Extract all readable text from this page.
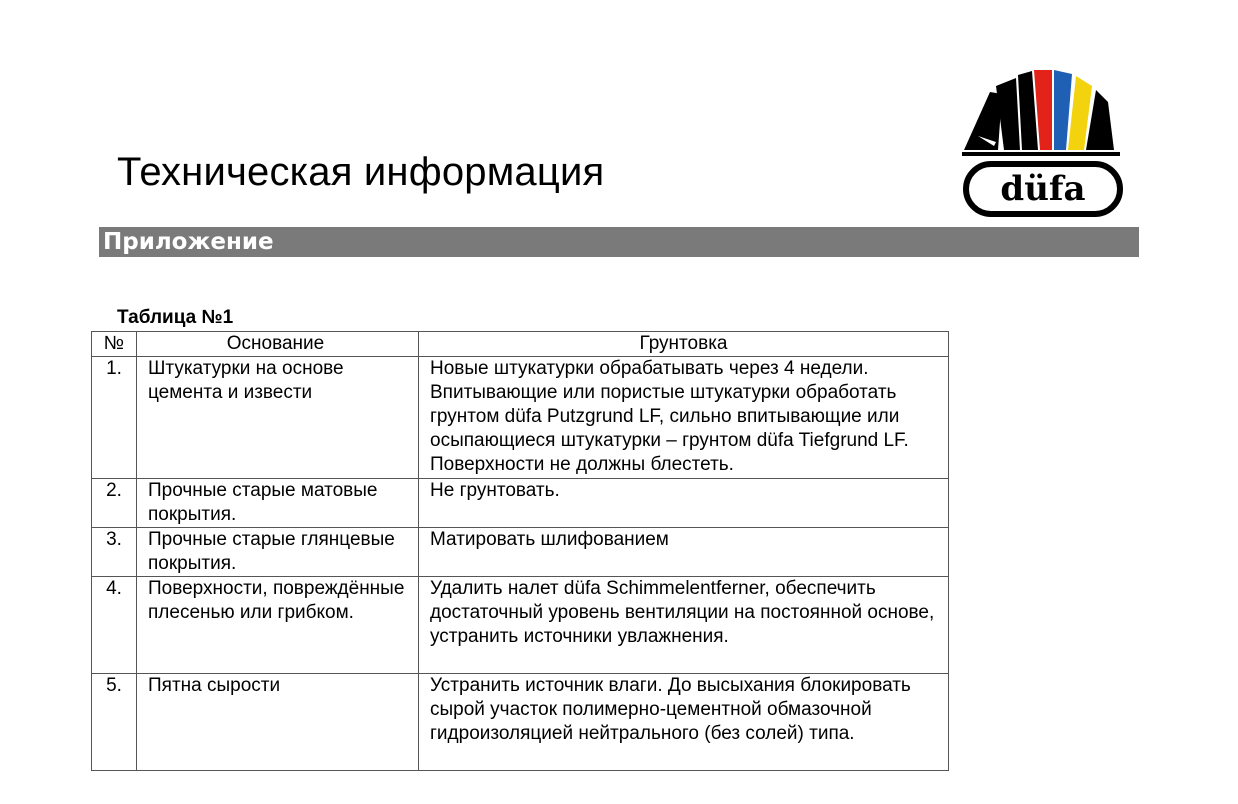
Техническая информация	düfa
Приложение
Таблица №1
№	Основание	Грунтовка
1.	Штукатурки на основе цемента и извести	Новые штукатурки обрабатывать через 4 недели. Впитывающие или пористые штукатурки обработать грунтом düfa Putzgrund LF, сильно впитывающие или осыпающиеся штукатурки – грунтом düfa Tiefgrund LF. Поверхности не должны блестеть.
2.	Прочные старые матовые покрытия.	Не грунтовать.
3.	Прочные старые глянцевые покрытия.	Матировать шлифованием
4.	Поверхности, повреждённые плесенью или грибком.	Удалить налет düfa Schimmelentferner, обеспечить достаточный уровень вентиляции на постоянной основе, устранить источники увлажнения.
5.	Пятна сырости	Устранить источник влаги. До высыхания блокировать сырой участок полимерно-цементной обмазочной гидроизоляцией нейтрального (без солей) типа.
